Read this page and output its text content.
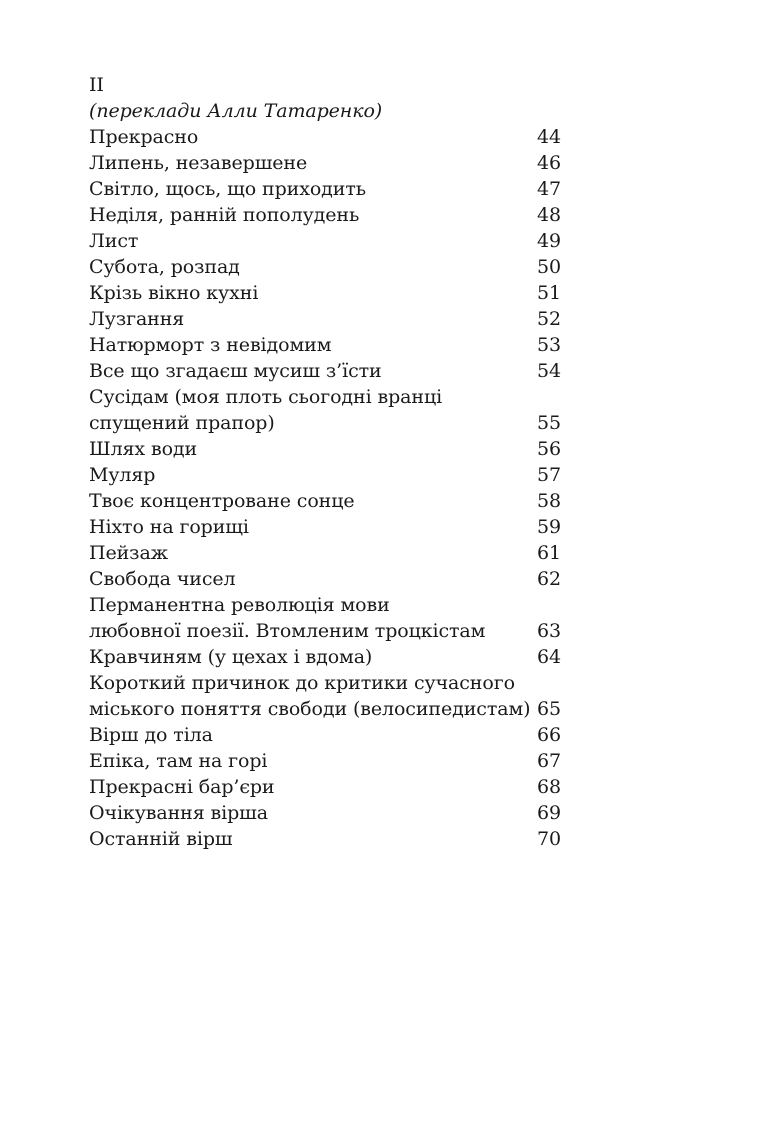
II
(переклади Алли Татаренко)
Прекрасно	44
Липень, незавершене	46
Світло, щось, що приходить	47
Неділя, ранній пополудень	48
Лист	49
Субота, розпад	50
Крізь вікно кухні	51
Лузгання	52
Натюрморт з невідомим	53
Все що згадаєш мусиш з’їсти	54
Сусідам (моя плоть сьогодні вранці
спущений прапор)	55
Шлях води	56
Муляр	57
Твоє концентроване сонце	58
Ніхто на горищі	59
Пейзаж	61
Свобода чисел	62
Перманентна революція мови
любовної поезії. Втомленим троцкістам	63
Кравчиням (у цехах і вдома)	64
Короткий причинок до критики сучасного
міського поняття свободи (велосипедистам) 65
Вірш до тіла	66
Епіка, там на горі	67
Прекрасні бар’єри	68
Очікування вірша	69
Останній вірш	70
